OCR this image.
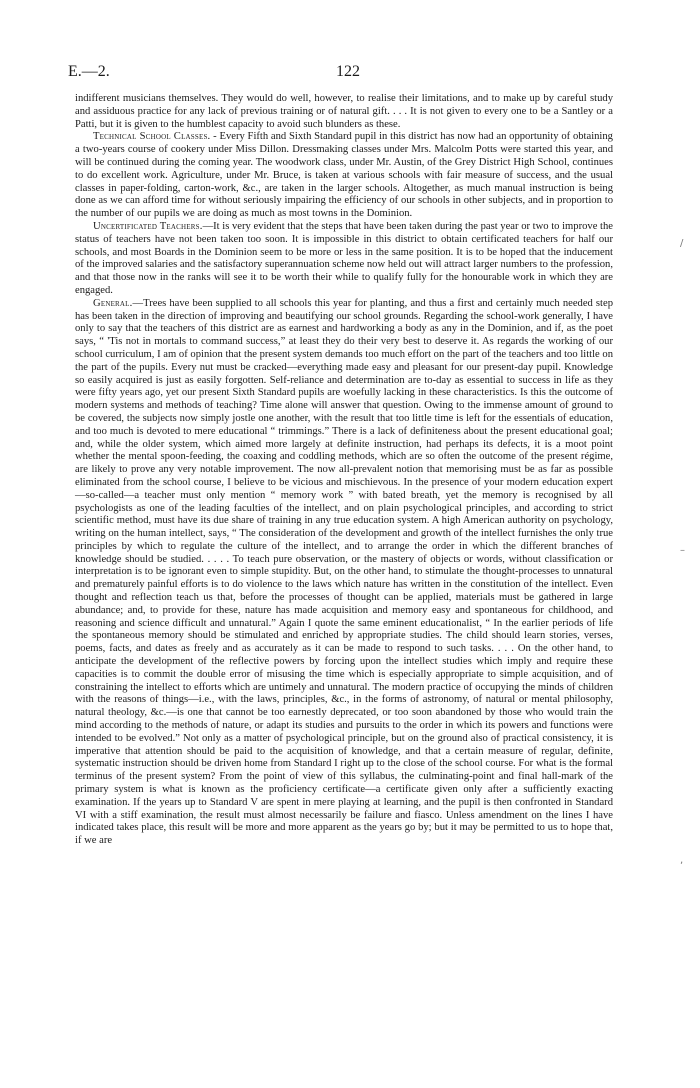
E.—2.	122

indifferent musicians themselves. They would do well, however, to realise their limitations, and to make up by careful study and assiduous practice for any lack of previous training or of natural gift. . . . It is not given to every one to be a Santley or a Patti, but it is given to the humblest capacity to avoid such blunders as these.

Technical School Classes. - Every Fifth and Sixth Standard pupil in this district has now had an opportunity of obtaining a two-years course of cookery under Miss Dillon. Dressmaking classes under Mrs. Malcolm Potts were started this year, and will be continued during the coming year. The woodwork class, under Mr. Austin, of the Grey District High School, continues to do excellent work. Agriculture, under Mr. Bruce, is taken at various schools with fair measure of success, and the usual classes in paper-folding, carton-work, &c., are taken in the larger schools. Altogether, as much manual instruction is being done as we can afford time for without seriously impairing the efficiency of our schools in other subjects, and in proportion to the number of our pupils we are doing as much as most towns in the Dominion.

Uncertificated Teachers.—It is very evident that the steps that have been taken during the past year or two to improve the status of teachers have not been taken too soon. It is impossible in this district to obtain certificated teachers for half our schools, and most Boards in the Dominion seem to be more or less in the same position. It is to be hoped that the inducement of the improved salaries and the satisfactory superannuation scheme now held out will attract larger numbers to the profession, and that those now in the ranks will see it to be worth their while to qualify fully for the honourable work in which they are engaged.

General.—Trees have been supplied to all schools this year for planting, and thus a first and certainly much needed step has been taken in the direction of improving and beautifying our school grounds. Regarding the school-work generally, I have only to say that the teachers of this district are as earnest and hardworking a body as any in the Dominion, and if, as the poet says, “ 'Tis not in mortals to command success,” at least they do their very best to deserve it. As regards the working of our school curriculum, I am of opinion that the present system demands too much effort on the part of the teachers and too little on the part of the pupils. Every nut must be cracked—everything made easy and pleasant for our present-day pupil. Knowledge so easily acquired is just as easily forgotten. Self-reliance and determination are to-day as essential to success in life as they were fifty years ago, yet our present Sixth Standard pupils are woefully lacking in these characteristics. Is this the outcome of modern systems and methods of teaching? Time alone will answer that question. Owing to the immense amount of ground to be covered, the subjects now simply jostle one another, with the result that too little time is left for the essentials of education, and too much is devoted to mere educational “ trimmings.” There is a lack of definiteness about the present educational goal; and, while the older system, which aimed more largely at definite instruction, had perhaps its defects, it is a moot point whether the mental spoon-feeding, the coaxing and coddling methods, which are so often the outcome of the present régime, are likely to prove any very notable improvement. The now all-prevalent notion that memorising must be as far as possible eliminated from the school course, I believe to be vicious and mischievous. In the presence of your modern education expert—so-called—a teacher must only mention “ memory work ” with bated breath, yet the memory is recognised by all psychologists as one of the leading faculties of the intellect, and on plain psychological principles, and according to strict scientific method, must have its due share of training in any true education system. A high American authority on psychology, writing on the human intellect, says, “ The consideration of the development and growth of the intellect furnishes the only true principles by which to regulate the culture of the intellect, and to arrange the order in which the different branches of knowledge should be studied. . . . . To teach pure observation, or the mastery of objects or words, without classification or interpretation is to be ignorant even to simple stupidity. But, on the other hand, to stimulate the thought-processes to unnatural and prematurely painful efforts is to do violence to the laws which nature has written in the constitution of the intellect. Even thought and reflection teach us that, before the processes of thought can be applied, materials must be gathered in large abundance; and, to provide for these, nature has made acquisition and memory easy and spontaneous for childhood, and reasoning and science difficult and unnatural.” Again I quote the same eminent educationalist, “ In the earlier periods of life the spontaneous memory should be stimulated and enriched by appropriate studies. The child should learn stories, verses, poems, facts, and dates as freely and as accurately as it can be made to respond to such tasks. . . . On the other hand, to anticipate the development of the reflective powers by forcing upon the intellect studies which imply and require these capacities is to commit the double error of misusing the time which is especially appropriate to simple acquisition, and of constraining the intellect to efforts which are untimely and unnatural. The modern practice of occupying the minds of children with the reasons of things—i.e., with the laws, principles, &c., in the forms of astronomy, of natural or mental philosophy, natural theology, &c.—is one that cannot be too earnestly deprecated, or too soon abandoned by those who would train the mind according to the methods of nature, or adapt its studies and pursuits to the order in which its powers and functions were intended to be evolved.” Not only as a matter of psychological principle, but on the ground also of practical consistency, it is imperative that attention should be paid to the acquisition of knowledge, and that a certain measure of regular, definite, systematic instruction should be driven home from Standard I right up to the close of the school course. For what is the formal terminus of the present system? From the point of view of this syllabus, the culminating-point and final hall-mark of the primary system is what is known as the proficiency certificate—a certificate given only after a sufficiently exacting examination. If the years up to Standard V are spent in mere playing at learning, and the pupil is then confronted in Standard VI with a stiff examination, the result must almost necessarily be failure and fiasco. Unless amendment on the lines I have indicated takes place, this result will be more and more apparent as the years go by; but it may be permitted to us to hope that, if we are

/
–
,
